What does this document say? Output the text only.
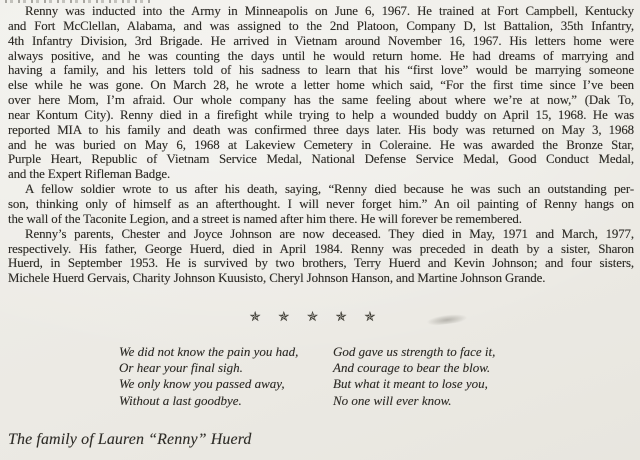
Renny was inducted into the Army in Minneapolis on June 6, 1967. He trained at Fort Campbell, Kentucky
and Fort McClellan, Alabama, and was assigned to the 2nd Platoon, Company D, lst Battalion, 35th Infantry,
4th Infantry Division, 3rd Brigade. He arrived in Vietnam around November 16, 1967. His letters home were
always positive, and he was counting the days until he would return home. He had dreams of marrying and
having a family, and his letters told of his sadness to learn that his “first love” would be marrying someone
else while he was gone. On March 28, he wrote a letter home which said, “For the first time since I’ve been
over here Mom, I’m afraid. Our whole company has the same feeling about where we’re at now,” (Dak To,
near Kontum City). Renny died in a firefight while trying to help a wounded buddy on April 15, 1968. He was
reported MIA to his family and death was confirmed three days later. His body was returned on May 3, 1968
and he was buried on May 6, 1968 at Lakeview Cemetery in Coleraine. He was awarded the Bronze Star,
Purple Heart, Republic of Vietnam Service Medal, National Defense Service Medal, Good Conduct Medal,
and the Expert Rifleman Badge.
A fellow soldier wrote to us after his death, saying, “Renny died because he was such an outstanding per-
son, thinking only of himself as an afterthought. I will never forget him.” An oil painting of Renny hangs on
the wall of the Taconite Legion, and a street is named after him there. He will forever be remembered.
Renny’s parents, Chester and Joyce Johnson are now deceased. They died in May, 1971 and March, 1977,
respectively. His father, George Huerd, died in April 1984. Renny was preceded in death by a sister, Sharon
Huerd, in September 1953. He is survived by two brothers, Terry Huerd and Kevin Johnson; and four sisters,
Michele Huerd Gervais, Charity Johnson Kuusisto, Cheryl Johnson Hanson, and Martine Johnson Grande.
✯ ✯ ✯ ✯ ✯
We did not know the pain you had,
Or hear your final sigh.
We only know you passed away,
Without a last goodbye.
God gave us strength to face it,
And courage to bear the blow.
But what it meant to lose you,
No one will ever know.
The family of Lauren “Renny” Huerd
